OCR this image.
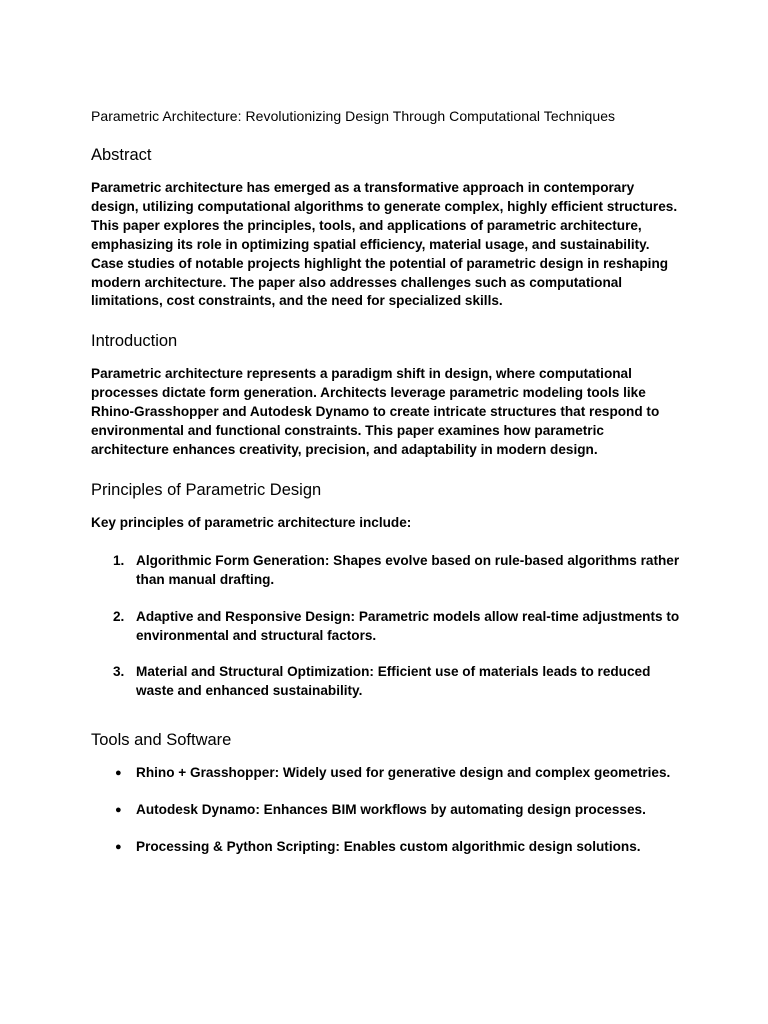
Parametric Architecture: Revolutionizing Design Through Computational Techniques
Abstract

Parametric architecture has emerged as a transformative approach in contemporary design, utilizing computational algorithms to generate complex, highly efficient structures. This paper explores the principles, tools, and applications of parametric architecture, emphasizing its role in optimizing spatial efficiency, material usage, and sustainability. Case studies of notable projects highlight the potential of parametric design in reshaping modern architecture. The paper also addresses challenges such as computational limitations, cost constraints, and the need for specialized skills.

Introduction

Parametric architecture represents a paradigm shift in design, where computational processes dictate form generation. Architects leverage parametric modeling tools like Rhino-Grasshopper and Autodesk Dynamo to create intricate structures that respond to environmental and functional constraints. This paper examines how parametric architecture enhances creativity, precision, and adaptability in modern design.

Principles of Parametric Design

Key principles of parametric architecture include:

1. Algorithmic Form Generation: Shapes evolve based on rule-based algorithms rather than manual drafting.
2. Adaptive and Responsive Design: Parametric models allow real-time adjustments to environmental and structural factors.
3. Material and Structural Optimization: Efficient use of materials leads to reduced waste and enhanced sustainability.
Tools and Software
● Rhino + Grasshopper: Widely used for generative design and complex geometries.
● Autodesk Dynamo: Enhances BIM workflows by automating design processes.
● Processing & Python Scripting: Enables custom algorithmic design solutions.
